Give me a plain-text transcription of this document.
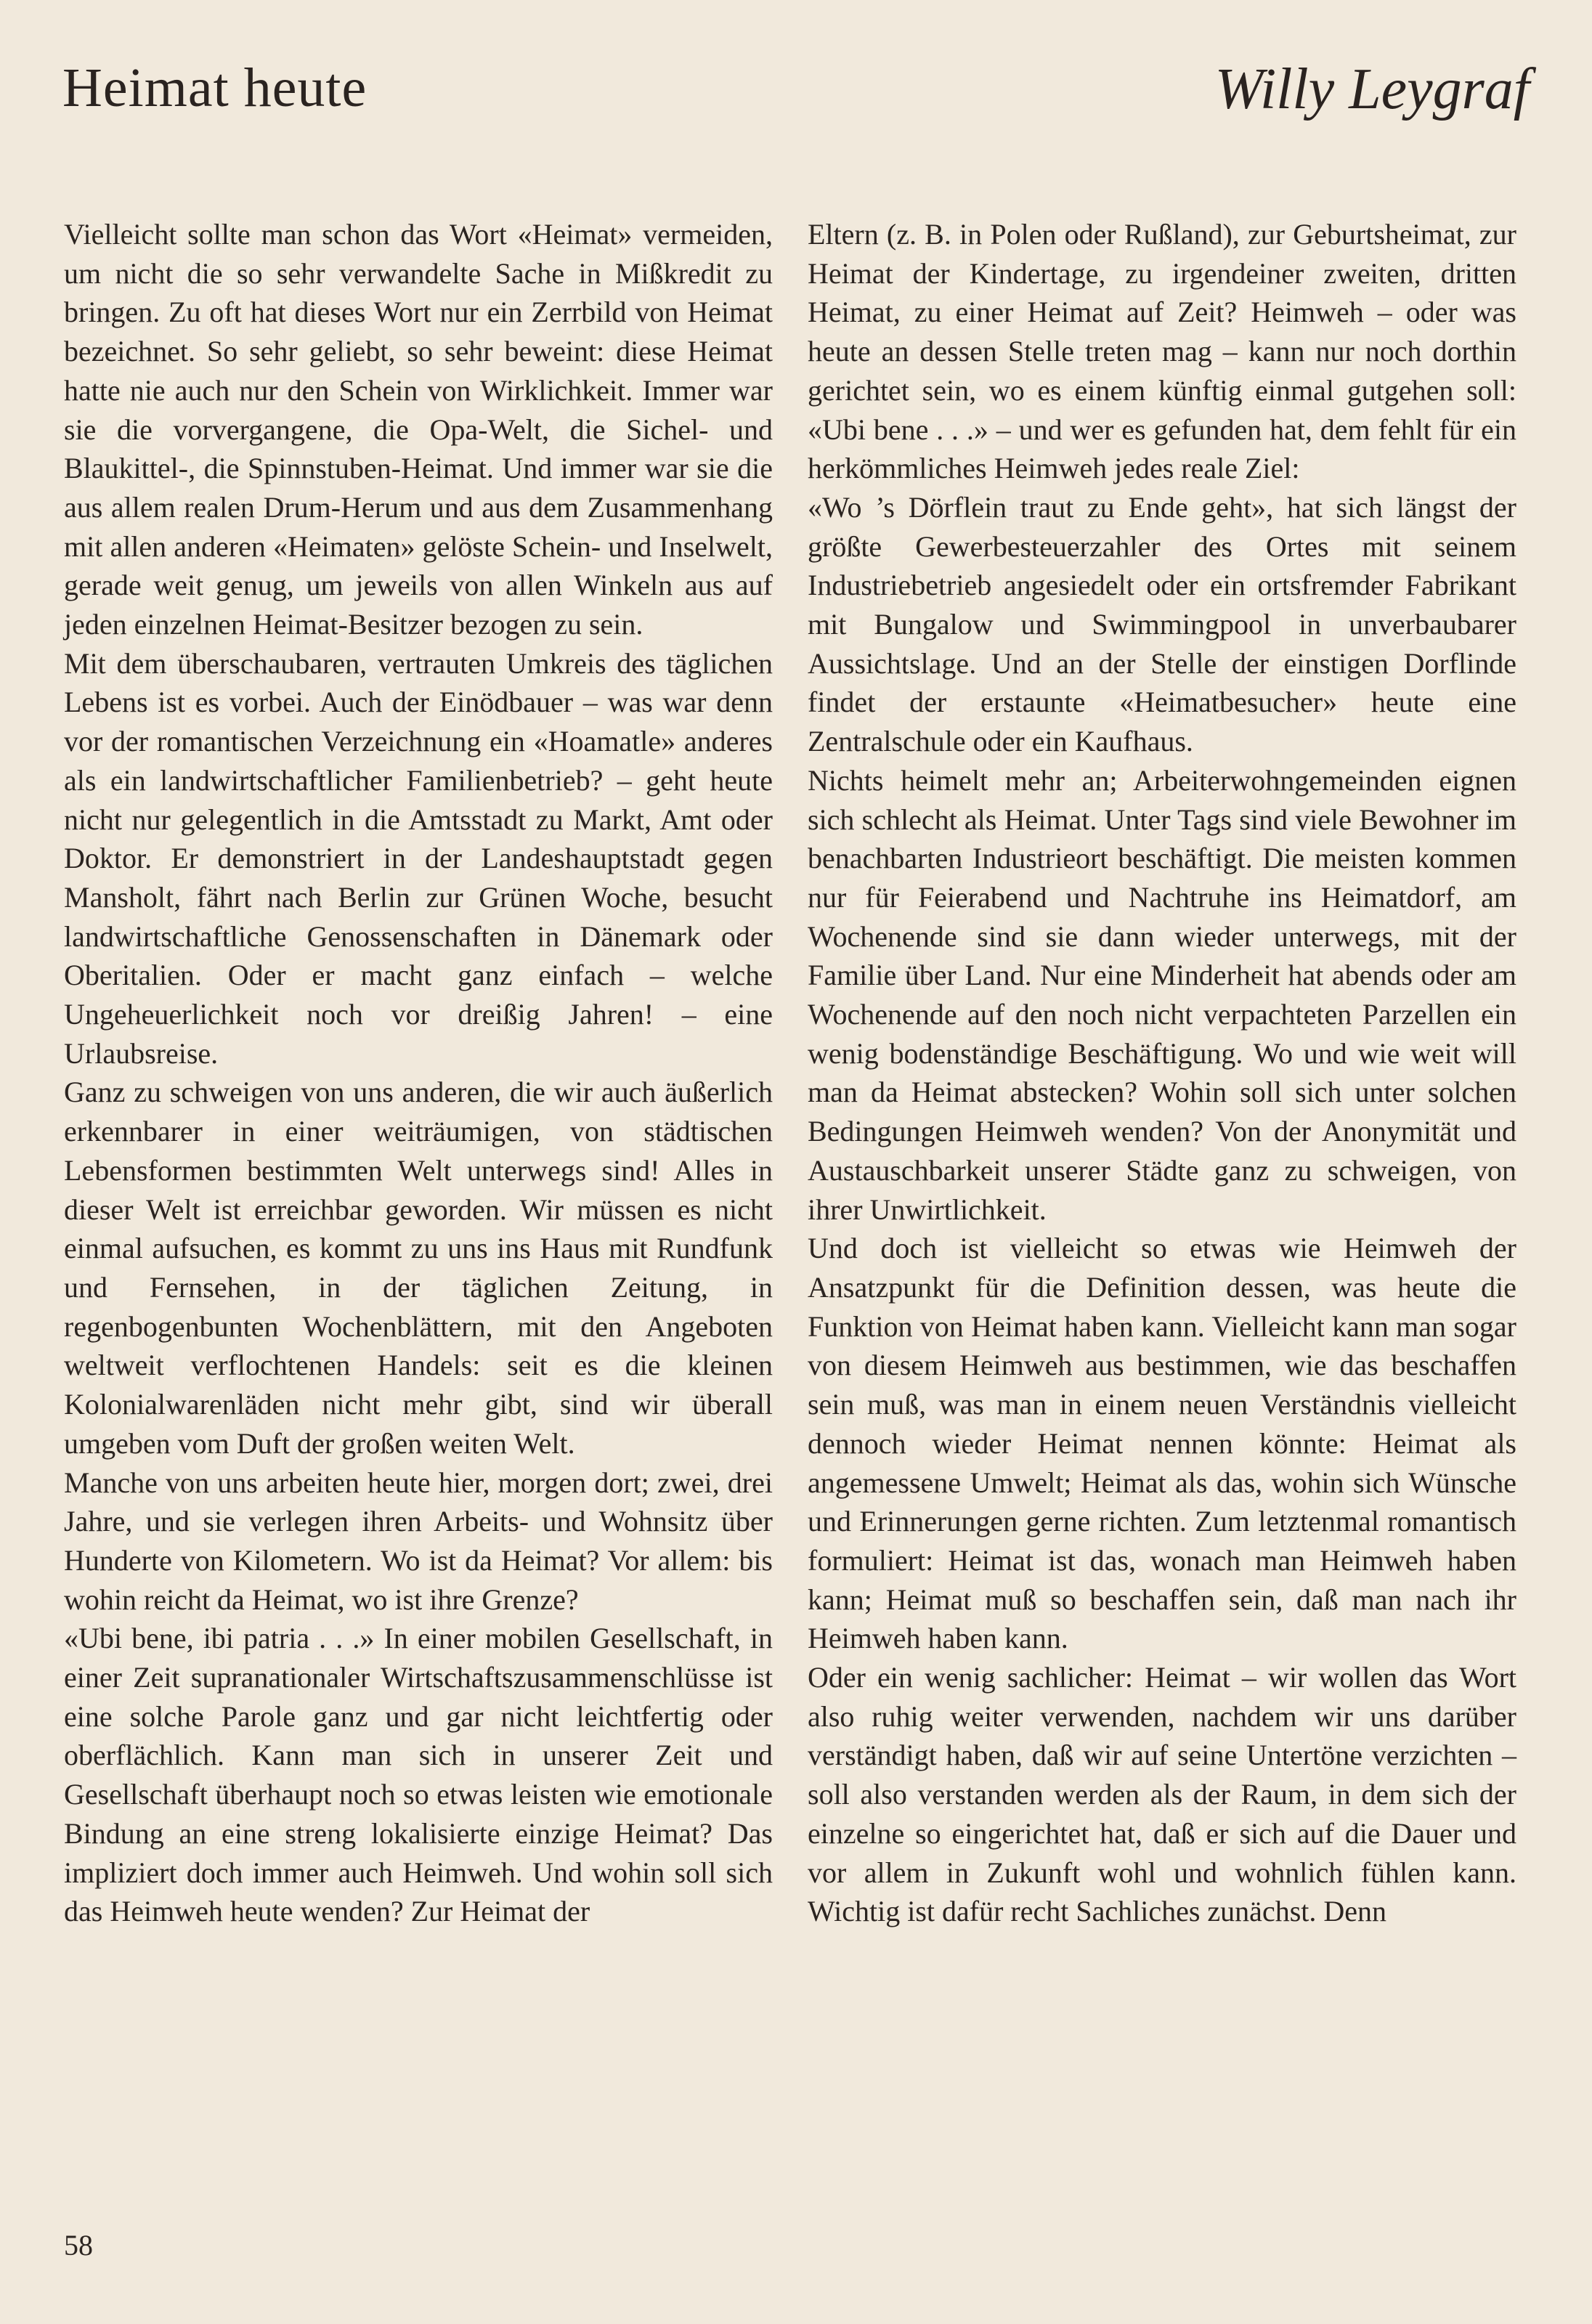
Heimat heute	Willy Leygraf

Vielleicht sollte man schon das Wort «Heimat» vermeiden, um nicht die so sehr verwandelte Sache in Mißkredit zu bringen. Zu oft hat dieses Wort nur ein Zerrbild von Heimat bezeichnet. So sehr geliebt, so sehr beweint: diese Heimat hatte nie auch nur den Schein von Wirklichkeit. Immer war sie die vorvergangene, die Opa-Welt, die Sichel- und Blaukittel-, die Spinnstuben-Heimat. Und immer war sie die aus allem realen Drum-Herum und aus dem Zusammenhang mit allen anderen «Heimaten» gelöste Schein- und Inselwelt, gerade weit genug, um jeweils von allen Winkeln aus auf jeden einzelnen Heimat-Besitzer bezogen zu sein.

Mit dem überschaubaren, vertrauten Umkreis des täglichen Lebens ist es vorbei. Auch der Einödbauer – was war denn vor der romantischen Verzeichnung ein «Hoamatle» anderes als ein landwirtschaftlicher Familienbetrieb? – geht heute nicht nur gelegentlich in die Amtsstadt zu Markt, Amt oder Doktor. Er demonstriert in der Landeshauptstadt gegen Mansholt, fährt nach Berlin zur Grünen Woche, besucht landwirtschaftliche Genossenschaften in Dänemark oder Oberitalien. Oder er macht ganz einfach – welche Ungeheuerlichkeit noch vor dreißig Jahren! – eine Urlaubsreise.

Ganz zu schweigen von uns anderen, die wir auch äußerlich erkennbarer in einer weiträumigen, von städtischen Lebensformen bestimmten Welt unterwegs sind! Alles in dieser Welt ist erreichbar geworden. Wir müssen es nicht einmal aufsuchen, es kommt zu uns ins Haus mit Rundfunk und Fernsehen, in der täglichen Zeitung, in regenbogenbunten Wochenblättern, mit den Angeboten weltweit verflochtenen Handels: seit es die kleinen Kolonialwarenläden nicht mehr gibt, sind wir überall umgeben vom Duft der großen weiten Welt.

Manche von uns arbeiten heute hier, morgen dort; zwei, drei Jahre, und sie verlegen ihren Arbeits- und Wohnsitz über Hunderte von Kilometern. Wo ist da Heimat? Vor allem: bis wohin reicht da Heimat, wo ist ihre Grenze?

«Ubi bene, ibi patria . . .» In einer mobilen Gesellschaft, in einer Zeit supranationaler Wirtschaftszusammenschlüsse ist eine solche Parole ganz und gar nicht leichtfertig oder oberflächlich. Kann man sich in unserer Zeit und Gesellschaft überhaupt noch so etwas leisten wie emotionale Bindung an eine streng lokalisierte einzige Heimat? Das impliziert doch immer auch Heimweh. Und wohin soll sich das Heimweh heute wenden? Zur Heimat der

Eltern (z. B. in Polen oder Rußland), zur Geburtsheimat, zur Heimat der Kindertage, zu irgendeiner zweiten, dritten Heimat, zu einer Heimat auf Zeit? Heimweh – oder was heute an dessen Stelle treten mag – kann nur noch dorthin gerichtet sein, wo es einem künftig einmal gutgehen soll: «Ubi bene . . .» – und wer es gefunden hat, dem fehlt für ein herkömmliches Heimweh jedes reale Ziel:

«Wo ’s Dörflein traut zu Ende geht», hat sich längst der größte Gewerbesteuerzahler des Ortes mit seinem Industriebetrieb angesiedelt oder ein ortsfremder Fabrikant mit Bungalow und Swimmingpool in unverbaubarer Aussichtslage. Und an der Stelle der einstigen Dorflinde findet der erstaunte «Heimatbesucher» heute eine Zentralschule oder ein Kaufhaus.

Nichts heimelt mehr an; Arbeiterwohngemeinden eignen sich schlecht als Heimat. Unter Tags sind viele Bewohner im benachbarten Industrieort beschäftigt. Die meisten kommen nur für Feierabend und Nachtruhe ins Heimatdorf, am Wochenende sind sie dann wieder unterwegs, mit der Familie über Land. Nur eine Minderheit hat abends oder am Wochenende auf den noch nicht verpachteten Parzellen ein wenig bodenständige Beschäftigung. Wo und wie weit will man da Heimat abstecken? Wohin soll sich unter solchen Bedingungen Heimweh wenden? Von der Anonymität und Austauschbarkeit unserer Städte ganz zu schweigen, von ihrer Unwirtlichkeit.

Und doch ist vielleicht so etwas wie Heimweh der Ansatzpunkt für die Definition dessen, was heute die Funktion von Heimat haben kann. Vielleicht kann man sogar von diesem Heimweh aus bestimmen, wie das beschaffen sein muß, was man in einem neuen Verständnis vielleicht dennoch wieder Heimat nennen könnte: Heimat als angemessene Umwelt; Heimat als das, wohin sich Wünsche und Erinnerungen gerne richten. Zum letztenmal romantisch formuliert: Heimat ist das, wonach man Heimweh haben kann; Heimat muß so beschaffen sein, daß man nach ihr Heimweh haben kann.

Oder ein wenig sachlicher: Heimat – wir wollen das Wort also ruhig weiter verwenden, nachdem wir uns darüber verständigt haben, daß wir auf seine Untertöne verzichten – soll also verstanden werden als der Raum, in dem sich der einzelne so eingerichtet hat, daß er sich auf die Dauer und vor allem in Zukunft wohl und wohnlich fühlen kann. Wichtig ist dafür recht Sachliches zunächst. Denn

58
